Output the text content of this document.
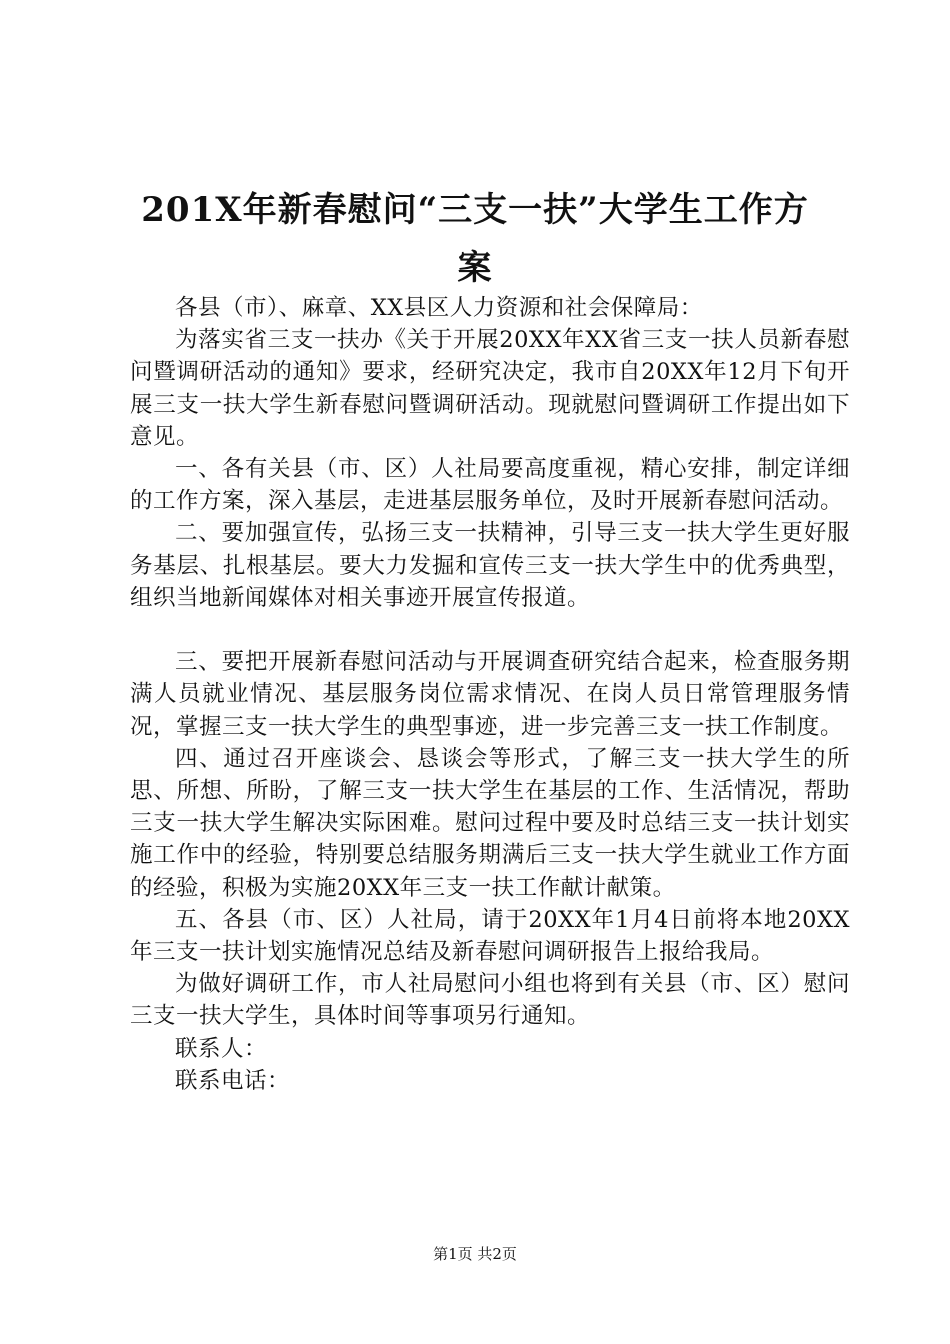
201X年新春慰问“三支一扶”大学生工作方
案

各县（市）、麻章、XX县区人力资源和社会保障局：

为落实省三支一扶办《关于开展20XX年XX省三支一扶人员新春慰问暨调研活动的通知》要求，经研究决定，我市自20XX年12月下旬开展三支一扶大学生新春慰问暨调研活动。现就慰问暨调研工作提出如下意见。

一、各有关县（市、区）人社局要高度重视，精心安排，制定详细的工作方案，深入基层，走进基层服务单位，及时开展新春慰问活动。

二、要加强宣传，弘扬三支一扶精神，引导三支一扶大学生更好服务基层、扎根基层。要大力发掘和宣传三支一扶大学生中的优秀典型，组织当地新闻媒体对相关事迹开展宣传报道。

三、要把开展新春慰问活动与开展调查研究结合起来，检查服务期满人员就业情况、基层服务岗位需求情况、在岗人员日常管理服务情况，掌握三支一扶大学生的典型事迹，进一步完善三支一扶工作制度。

四、通过召开座谈会、恳谈会等形式，了解三支一扶大学生的所思、所想、所盼，了解三支一扶大学生在基层的工作、生活情况，帮助三支一扶大学生解决实际困难。慰问过程中要及时总结三支一扶计划实施工作中的经验，特别要总结服务期满后三支一扶大学生就业工作方面的经验，积极为实施20XX年三支一扶工作献计献策。

五、各县（市、区）人社局，请于20XX年1月4日前将本地20XX年三支一扶计划实施情况总结及新春慰问调研报告上报给我局。

为做好调研工作，市人社局慰问小组也将到有关县（市、区）慰问三支一扶大学生，具体时间等事项另行通知。

联系人：

联系电话：

第1页 共2页
